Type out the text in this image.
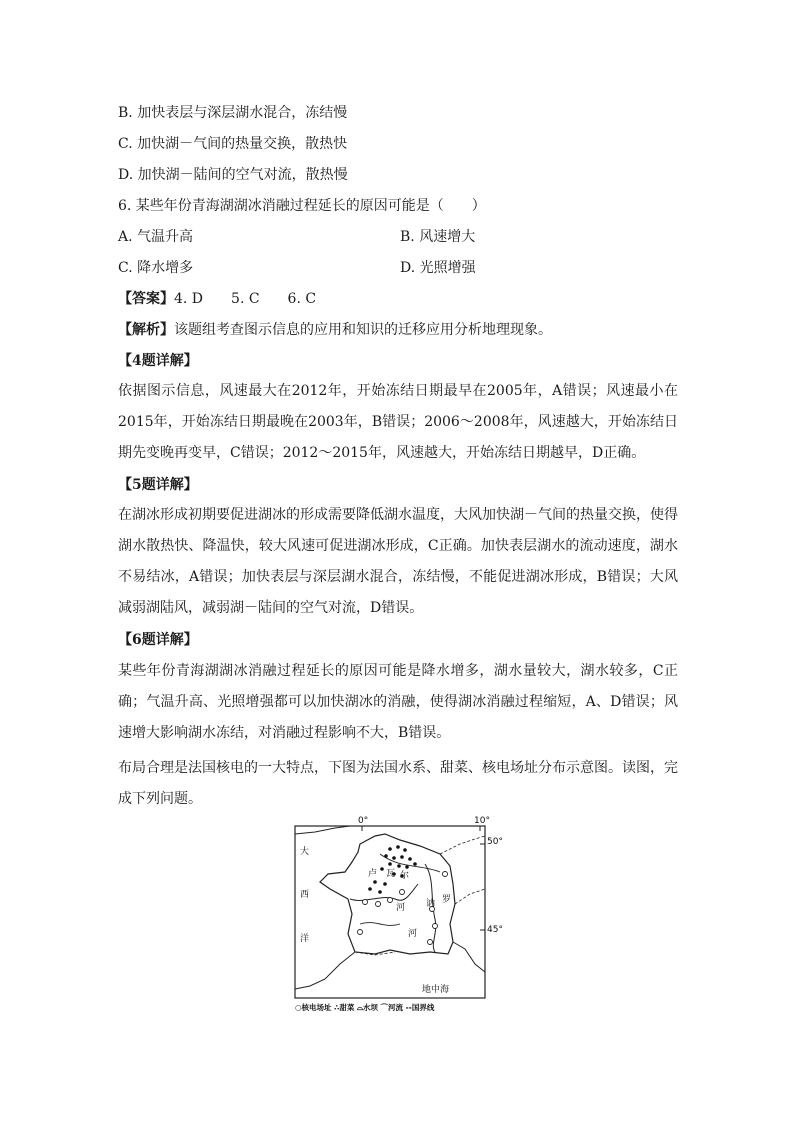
B. 加快表层与深层湖水混合，冻结慢
C. 加快湖－气间的热量交换，散热快
D. 加快湖－陆间的空气对流，散热慢
6. 某些年份青海湖湖冰消融过程延长的原因可能是（　　）
A. 气温升高	B. 风速增大
C. 降水增多	D. 光照增强
【答案】4. D　　5. C　　6. C
【解析】该题组考查图示信息的应用和知识的迁移应用分析地理现象。
【4题详解】
依据图示信息，风速最大在2012年，开始冻结日期最早在2005年，A错误；风速最小在2015年，开始冻结日期最晚在2003年，B错误；2006～2008年，风速越大，开始冻结日期先变晚再变早，C错误；2012～2015年，风速越大，开始冻结日期越早，D正确。
【5题详解】
在湖冰形成初期要促进湖冰的形成需要降低湖水温度，大风加快湖－气间的热量交换，使得湖水散热快、降温快，较大风速可促进湖冰形成，C正确。加快表层湖水的流动速度，湖水不易结冰，A错误；加快表层与深层湖水混合，冻结慢，不能促进湖冰形成，B错误；大风减弱湖陆风，减弱湖－陆间的空气对流，D错误。
【6题详解】
某些年份青海湖湖冰消融过程延长的原因可能是降水增多，湖水量较大，湖水较多，C正确；气温升高、光照增强都可以加快湖冰的消融，使得湖冰消融过程缩短，A、D错误；风速增大影响湖水冻结，对消融过程影响不大，B错误。
布局合理是法国核电的一大特点，下图为法国水系、甜菜、核电场址分布示意图。读图，完成下列问题。
0°	10°
50°
45°
大
西
洋
卢 瓦 尔
河
罗
讷
河
地中海
○核电场址 ∴甜菜 ⌓水坝 ⌒河流 ‐‐国界线
